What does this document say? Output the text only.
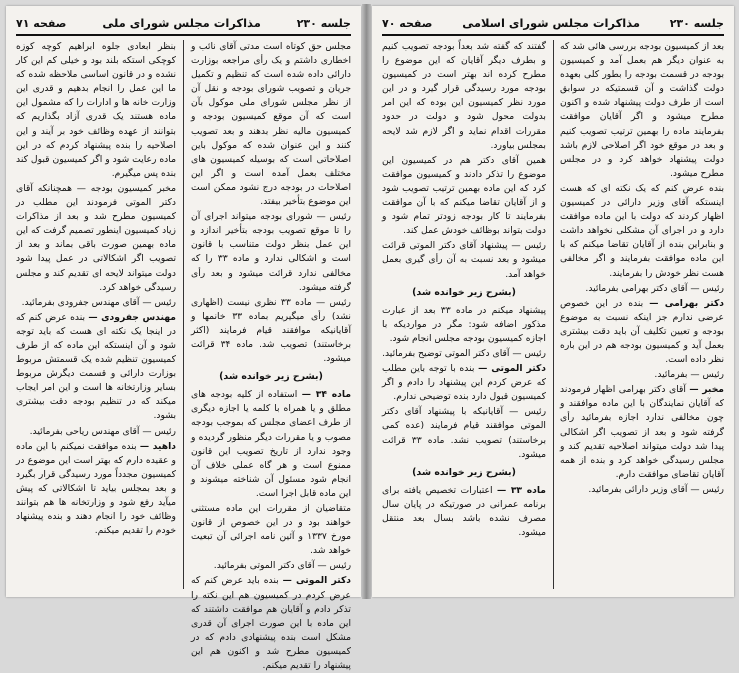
جلسه ۲۳۰
مذاکرات مجلس شورای ملی
صفحه ۷۱

مجلس حق کوتاه است مدتی آقای نائب و اخطاری داشتم و یک رأی مراجعه بوزارت دارائی داده شده است که تنظیم و تکمیل جریان و تصویب شورای بودجه و نقل آن از نظر مجلس شورای ملی موکول بآن است که آن موقع کمیسیون بودجه و کمیسیون مالیه نظر بدهند و بعد تصویب کنند و این عنوان شده که موکول باین اصلاحاتی است که بوسیله کمیسیون های مختلف بعمل آمده است و اگر این اصلاحات در بودجه درج نشود ممکن است این موضوع بتأخیر بیفتد.

رئیس — شورای بودجه میتواند اجرای آن را تا موقع تصویب بودجه بتأخیر اندازد و این عمل بنظر دولت متناسب با قانون است و اشکالی ندارد و ماده ۳۳ را که مخالفی ندارد قرائت میشود و بعد رأی گرفته میشود.

رئیس — ماده ۳۳ نظری نیست (اظهاری نشد) رأی میگیریم بماده ۳۳ خانمها و آقایانیکه موافقند قیام فرمایند (اکثر برخاستند) تصویب شد. ماده ۳۴ قرائت میشود.

(بشرح زیر خوانده شد)

ماده ۳۴ — استفاده از کلیه بودجه های مطلق و یا همراه با کلمه یا اجازه دیگری از طرف اعضای مجلس که بموجب بودجه مصوب و یا مقررات دیگر منظور گردیده و وجود ندارد از تاریخ تصویب این قانون ممنوع است و هر گاه عملی خلاف آن انجام شود مسئول آن شناخته میشوند و این ماده قابل اجرا است.

متقاضیان از مقررات این ماده مستثنی خواهند بود و در این خصوص از قانون مورخ ۱۳۳۷ و آئین نامه اجرائی آن تبعیت خواهد شد.

رئیس — آقای دکتر الموتی بفرمائید.

دکتر الموتی — بنده باید عرض کنم که عرض کردم در کمیسیون هم این نکته را تذکر دادم و آقایان هم موافقت داشتند که این ماده با این صورت اجرای آن قدری مشکل است بنده پیشنهادی دادم که در کمیسیون مطرح شد و اکنون هم این پیشنهاد را تقدیم میکنم.

بنظر ابعادی جلوه ابراهیم کوچه کوزه کوچکی استکه بلند بود و خیلی کم این کار نشده و در قانون اساسی ملاحظه شده که ما این عمل را انجام بدهیم و قدری این وزارت خانه ها و ادارات را که مشمول این ماده هستند یک قدری آزاد بگذاریم که بتوانند از عهده وظائف خود بر آیند و این اصلاحیه را بنده پیشنهاد کردم که در این ماده رعایت شود و اگر کمیسیون قبول کند بنده پس میگیرم.

مخبر کمیسیون بودجه — همچنانکه آقای دکتر الموتی فرمودند این مطلب در کمیسیون مطرح شد و بعد از مذاکرات زیاد کمیسیون اینطور تصمیم گرفت که این ماده بهمین صورت باقی بماند و بعد از تصویب اگر اشکالاتی در عمل پیدا شود دولت میتواند لایحه ای تقدیم کند و مجلس رسیدگی خواهد کرد.

رئیس — آقای مهندس جفرودی بفرمائید.

مهندس جفرودی — بنده عرض کنم که در اینجا یک نکته ای هست که باید توجه شود و آن اینستکه این ماده که از طرف کمیسیون تنظیم شده یک قسمتش مربوط بوزارت دارائی و قسمت دیگرش مربوط بسایر وزارتخانه ها است و این امر ایجاب میکند که در تنظیم بودجه دقت بیشتری بشود.

رئیس — آقای مهندس ریاحی بفرمائید.

داهید — بنده موافقت نمیکنم با این ماده و عقیده دارم که بهتر است این موضوع در کمیسیون مجدداً مورد رسیدگی قرار بگیرد و بعد بمجلس بیاید تا اشکالاتی که پیش میآید رفع شود و وزارتخانه ها هم بتوانند وظائف خود را انجام دهند و بنده پیشنهاد خودم را تقدیم میکنم.

جلسه ۲۳۰
مذاکرات مجلس شورای اسلامی
صفحه ۷۰

بعد از کمیسیون بودجه بررسی هائی شد که به عنوان دیگر هم بعمل آمد و کمیسیون بودجه در قسمت بودجه را بطور کلی بعهده دولت گذاشت و آن قسمتیکه در سوابق است از طرف دولت پیشنهاد شده و اکنون مطرح میشود و اگر آقایان موافقت بفرمایند ماده را بهمین ترتیب تصویب کنیم و بعد در موقع خود اگر اصلاحی لازم باشد دولت پیشنهاد خواهد کرد و در مجلس مطرح میشود.

بنده عرض کنم که یک نکته ای که هست اینستکه آقای وزیر دارائی در کمیسیون اظهار کردند که دولت با این ماده موافقت دارد و در اجرای آن مشکلی نخواهد داشت و بنابراین بنده از آقایان تقاضا میکنم که با این ماده موافقت بفرمایند و اگر مخالفی هست نظر خودش را بفرمایند.

رئیس — آقای دکتر بهرامی بفرمائید.

دکتر بهرامی — بنده در این خصوص عرضی ندارم جز اینکه نسبت به موضوع بودجه و تعیین تکلیف آن باید دقت بیشتری بعمل آید و کمیسیون بودجه هم در این باره نظر داده است.

رئیس — بفرمائید.

مخبر — آقای دکتر بهرامی اظهار فرمودند که آقایان نمایندگان با این ماده موافقند و چون مخالفی ندارد اجازه بفرمائید رأی گرفته شود و بعد از تصویب اگر اشکالی پیدا شد دولت میتواند اصلاحیه تقدیم کند و مجلس رسیدگی خواهد کرد و بنده از همه آقایان تقاضای موافقت دارم.

رئیس — آقای وزیر دارائی بفرمائید.

گفتند که گفته شد بعداً بودجه تصویب کنیم و بطرف دیگر آقایان که این موضوع را مطرح کرده اند بهتر است در کمیسیون بودجه مورد رسیدگی قرار گیرد و در این مورد نظر کمیسیون این بوده که این امر بدولت محول شود و دولت در حدود مقررات اقدام نماید و اگر لازم شد لایحه بمجلس بیاورد.

همین آقای دکتر هم در کمیسیون این موضوع را تذکر دادند و کمیسیون موافقت کرد که این ماده بهمین ترتیب تصویب شود و از آقایان تقاضا میکنم که با آن موافقت بفرمایند تا کار بودجه زودتر تمام شود و دولت بتواند بوظائف خودش عمل کند.

رئیس — پیشنهاد آقای دکتر الموتی قرائت میشود و بعد نسبت به آن رأی گیری بعمل خواهد آمد.

(بشرح زیر خوانده شد)

پیشنهاد میکنم در ماده ۳۳ بعد از عبارت مذکور اضافه شود: مگر در مواردیکه با اجازه کمیسیون بودجه مجلس انجام شود.

رئیس — آقای دکتر الموتی توضیح بفرمائید.

دکتر الموتی — بنده با توجه باین مطلب که عرض کردم این پیشنهاد را دادم و اگر کمیسیون قبول دارد بنده توضیحی ندارم.

رئیس — آقایانیکه با پیشنهاد آقای دکتر الموتی موافقند قیام فرمایند (عده کمی برخاستند) تصویب نشد. ماده ۳۳ قرائت میشود.

(بشرح زیر خوانده شد)

ماده ۳۳ — اعتبارات تخصیص یافته برای برنامه عمرانی در صورتیکه در پایان سال مصرف نشده باشد بسال بعد منتقل میشود.
